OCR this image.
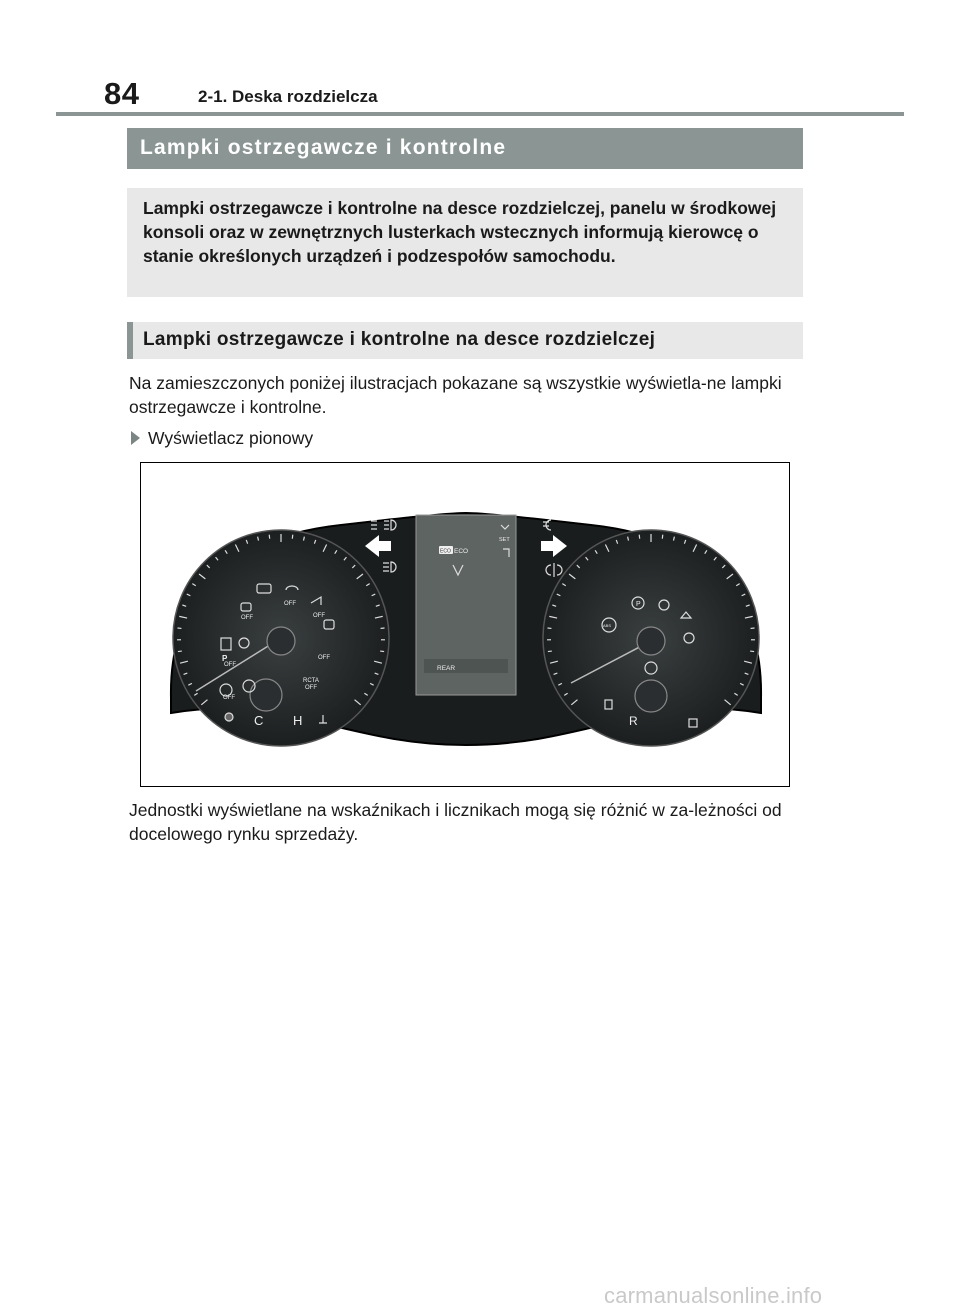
84	2-1. Deska rozdzielcza
Lampki ostrzegawcze i kontrolne

Lampki ostrzegawcze i kontrolne na desce rozdzielczej, panelu w środkowej konsoli oraz w zewnętrznych lusterkach wstecznych informują kierowcę o stanie określonych urządzeń i podzespołów samochodu.

Lampki ostrzegawcze i kontrolne na desce rozdzielczej

Na zamieszczonych poniżej ilustracjach pokazane są wszystkie wyświetla-ne lampki ostrzegawcze i kontrolne.

Wyświetlacz pionowy
OFF
OFF
OFF
OFF
OFF
OFF
OFF
RCTA
ABS
SET
ECO
REAR
P
P
C H	R
ECO

Jednostki wyświetlane na wskaźnikach i licznikach mogą się różnić w za-leżności od docelowego rynku sprzedaży.

carmanualsonline.info
